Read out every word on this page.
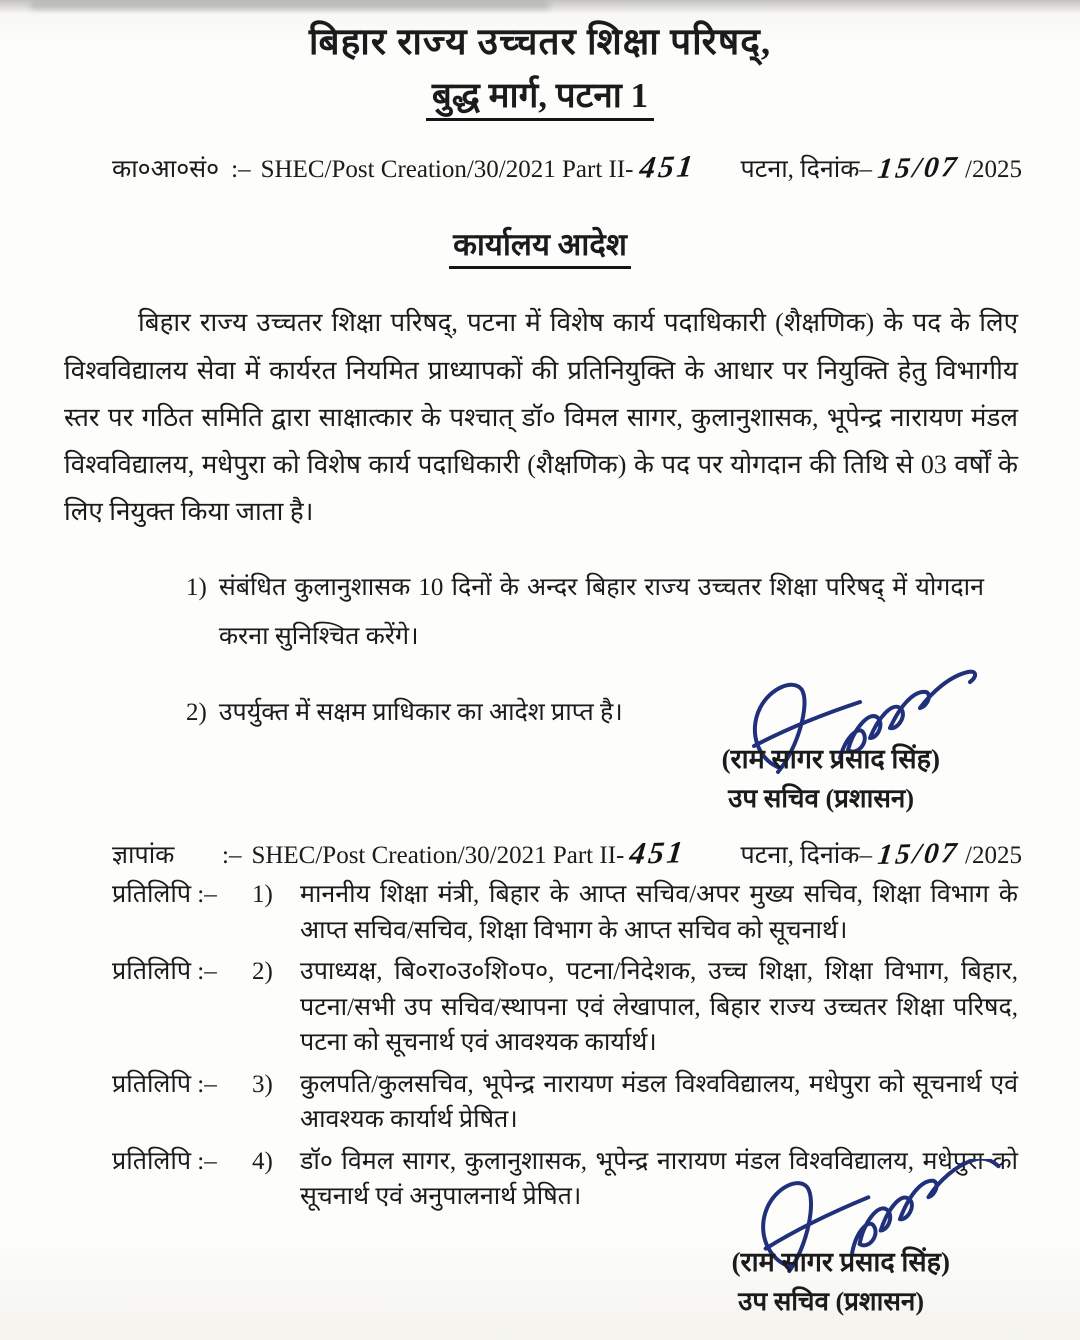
बिहार राज्य उच्चतर शिक्षा परिषद्,
बुद्ध मार्ग, पटना 1
का०आ०सं० :– SHEC/Post Creation/30/2021 Part II- 451 पटना, दिनांक– 15/07 /2025
कार्यालय आदेश

बिहार राज्य उच्चतर शिक्षा परिषद्, पटना में विशेष कार्य पदाधिकारी (शैक्षणिक) के पद के लिए विश्वविद्यालय सेवा में कार्यरत नियमित प्राध्यापकों की प्रतिनियुक्ति के आधार पर नियुक्ति हेतु विभागीय स्तर पर गठित समिति द्वारा साक्षात्कार के पश्चात् डॉ० विमल सागर, कुलानुशासक, भूपेन्द्र नारायण मंडल विश्वविद्यालय, मधेपुरा को विशेष कार्य पदाधिकारी (शैक्षणिक) के पद पर योगदान की तिथि से 03 वर्षों के लिए नियुक्त किया जाता है।

1) संबंधित कुलानुशासक 10 दिनों के अन्दर बिहार राज्य उच्चतर शिक्षा परिषद् में योगदान करना सुनिश्चित करेंगे।
2) उपर्युक्त में सक्षम प्राधिकार का आदेश प्राप्त है।
(राम सागर प्रसाद सिंह)
उप सचिव (प्रशासन)
ज्ञापांक	:– SHEC/Post Creation/30/2021 Part II- 451 पटना, दिनांक– 15/07 /2025
प्रतिलिपि :–	1)	माननीय शिक्षा मंत्री, बिहार के आप्त सचिव/अपर मुख्य सचिव, शिक्षा विभाग के आप्त सचिव/सचिव, शिक्षा विभाग के आप्त सचिव को सूचनार्थ।
प्रतिलिपि :–	2)	उपाध्यक्ष, बि०रा०उ०शि०प०, पटना/निदेशक, उच्च शिक्षा, शिक्षा विभाग, बिहार, पटना/सभी उप सचिव/स्थापना एवं लेखापाल, बिहार राज्य उच्चतर शिक्षा परिषद, पटना को सूचनार्थ एवं आवश्यक कार्यार्थ।
प्रतिलिपि :–	3)	कुलपति/कुलसचिव, भूपेन्द्र नारायण मंडल विश्वविद्यालय, मधेपुरा को सूचनार्थ एवं आवश्यक कार्यार्थ प्रेषित।
प्रतिलिपि :–	4)	डॉ० विमल सागर, कुलानुशासक, भूपेन्द्र नारायण मंडल विश्वविद्यालय, मधेपुरा को सूचनार्थ एवं अनुपालनार्थ प्रेषित।
(राम सागर प्रसाद सिंह)
उप सचिव (प्रशासन)
